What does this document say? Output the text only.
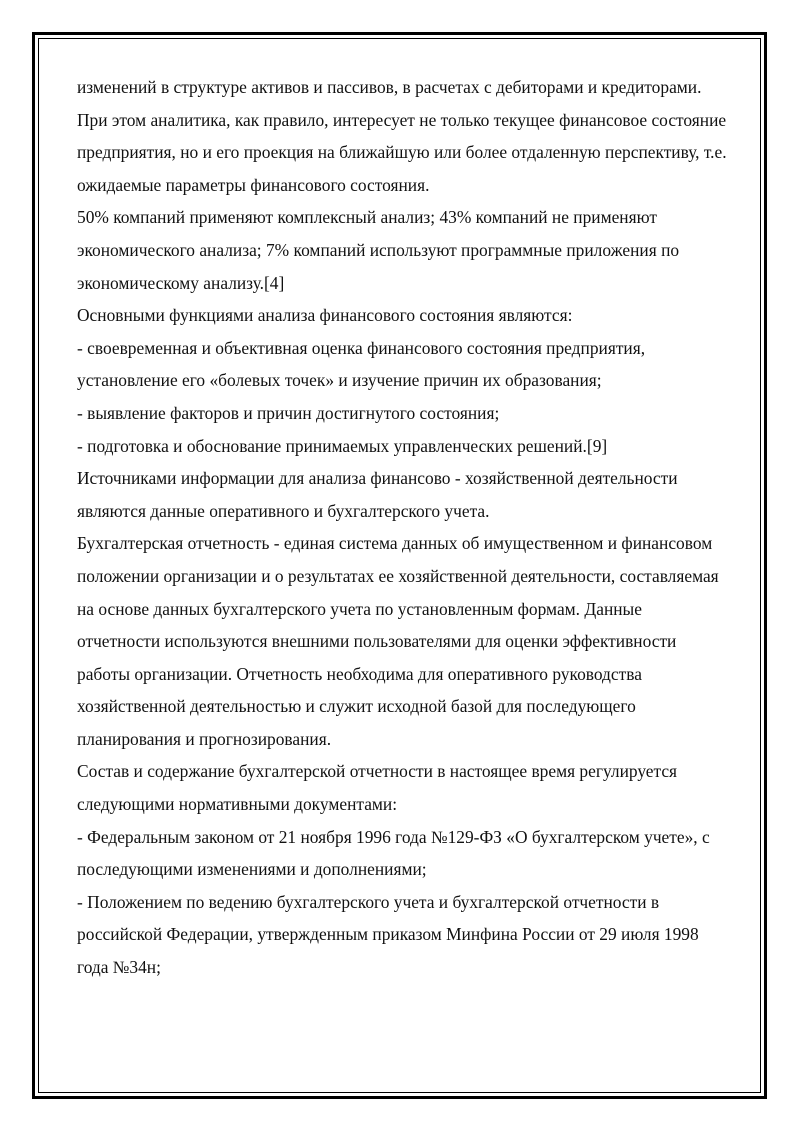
изменений в структуре активов и пассивов, в расчетах с дебиторами и кредиторами. При этом аналитика, как правило, интересует не только текущее финансовое состояние предприятия, но и его проекция на ближайшую или более отдаленную перспективу, т.е. ожидаемые параметры финансового состояния.

50% компаний применяют комплексный анализ; 43% компаний не применяют экономического анализа; 7% компаний используют программные приложения по экономическому анализу.[4]

Основными функциями анализа финансового состояния являются:

- своевременная и объективная оценка финансового состояния предприятия, установление его «болевых точек» и изучение причин их образования;

- выявление факторов и причин достигнутого состояния;

- подготовка и обоснование принимаемых управленческих решений.[9]

Источниками информации для анализа финансово - хозяйственной деятельности являются данные оперативного и бухгалтерского учета.

Бухгалтерская отчетность - единая система данных об имущественном и финансовом положении организации и о результатах ее хозяйственной деятельности, составляемая на основе данных бухгалтерского учета по установленным формам. Данные отчетности используются внешними пользователями для оценки эффективности работы организации. Отчетность необходима для оперативного руководства хозяйственной деятельностью и служит исходной базой для последующего планирования и прогнозирования.

Состав и содержание бухгалтерской отчетности в настоящее время регулируется следующими нормативными документами:

- Федеральным законом от 21 ноября 1996 года №129-ФЗ «О бухгалтерском учете», с последующими изменениями и дополнениями;

- Положением по ведению бухгалтерского учета и бухгалтерской отчетности в российской Федерации, утвержденным приказом Минфина России от 29 июля 1998 года №34н;
